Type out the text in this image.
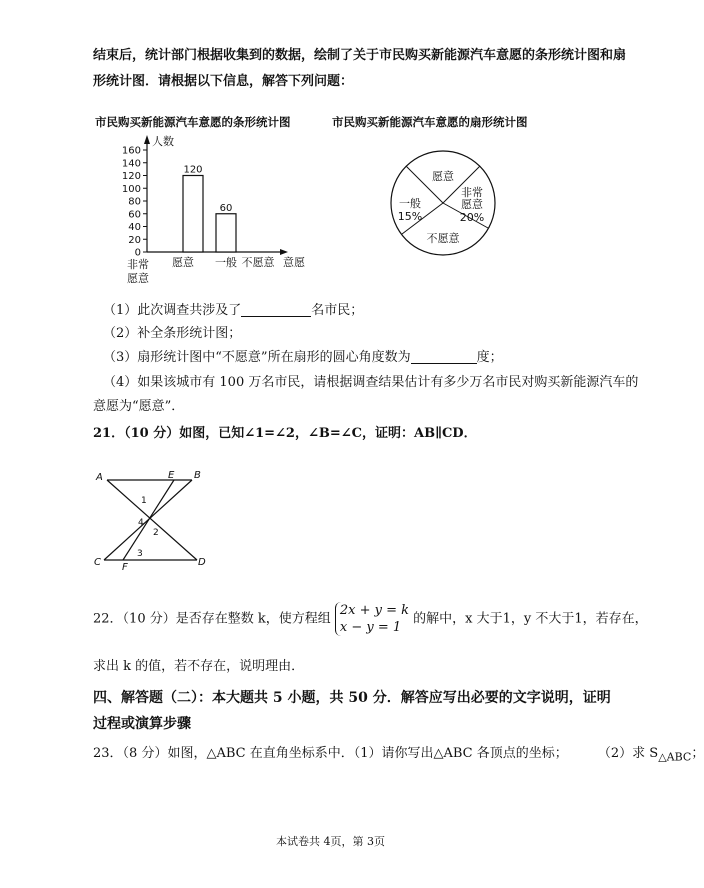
结束后，统计部门根据收集到的数据，绘制了关于市民购买新能源汽车意愿的条形统计图和扇
形统计图．请根据以下信息，解答下列问题：
市民购买新能源汽车意愿的条形统计图	市民购买新能源汽车意愿的扇形统计图
人数
0
20
40
60
80
100
120
140
160
120
60
非常
愿意
愿意 一般 不愿意 意愿
愿意
非常
愿意
20%
一般
15%
不愿意
（1）此次调查共涉及了	名市民；
（2）补全条形统计图；
（3）扇形统计图中“不愿意”所在扇形的圆心角度数为	度；
（4）如果该城市有 100 万名市民，请根据调查结果估计有多少万名市民对购买新能源汽车的
意愿为“愿意”．
21．（10 分）如图，已知∠1=∠2，∠B=∠C，证明：AB∥CD．
A	E B
C F	D
1
4
2
3
22．（10 分）是否存在整数 k，使方程组 2x + y = k
x − y = 1 的解中，x 大于1，y 不大于1，若存在，
求出 k 的值，若不存在，说明理由．
四、解答题（二）：本大题共 5 小题，共 50 分．解答应写出必要的文字说明，证明
过程或演算步骤
23．（8 分）如图，△ABC 在直角坐标系中．（1）请你写出△ABC 各顶点的坐标； （2）求 $S_{\triangle ABC}$；
本试卷共 4页，第 3页
